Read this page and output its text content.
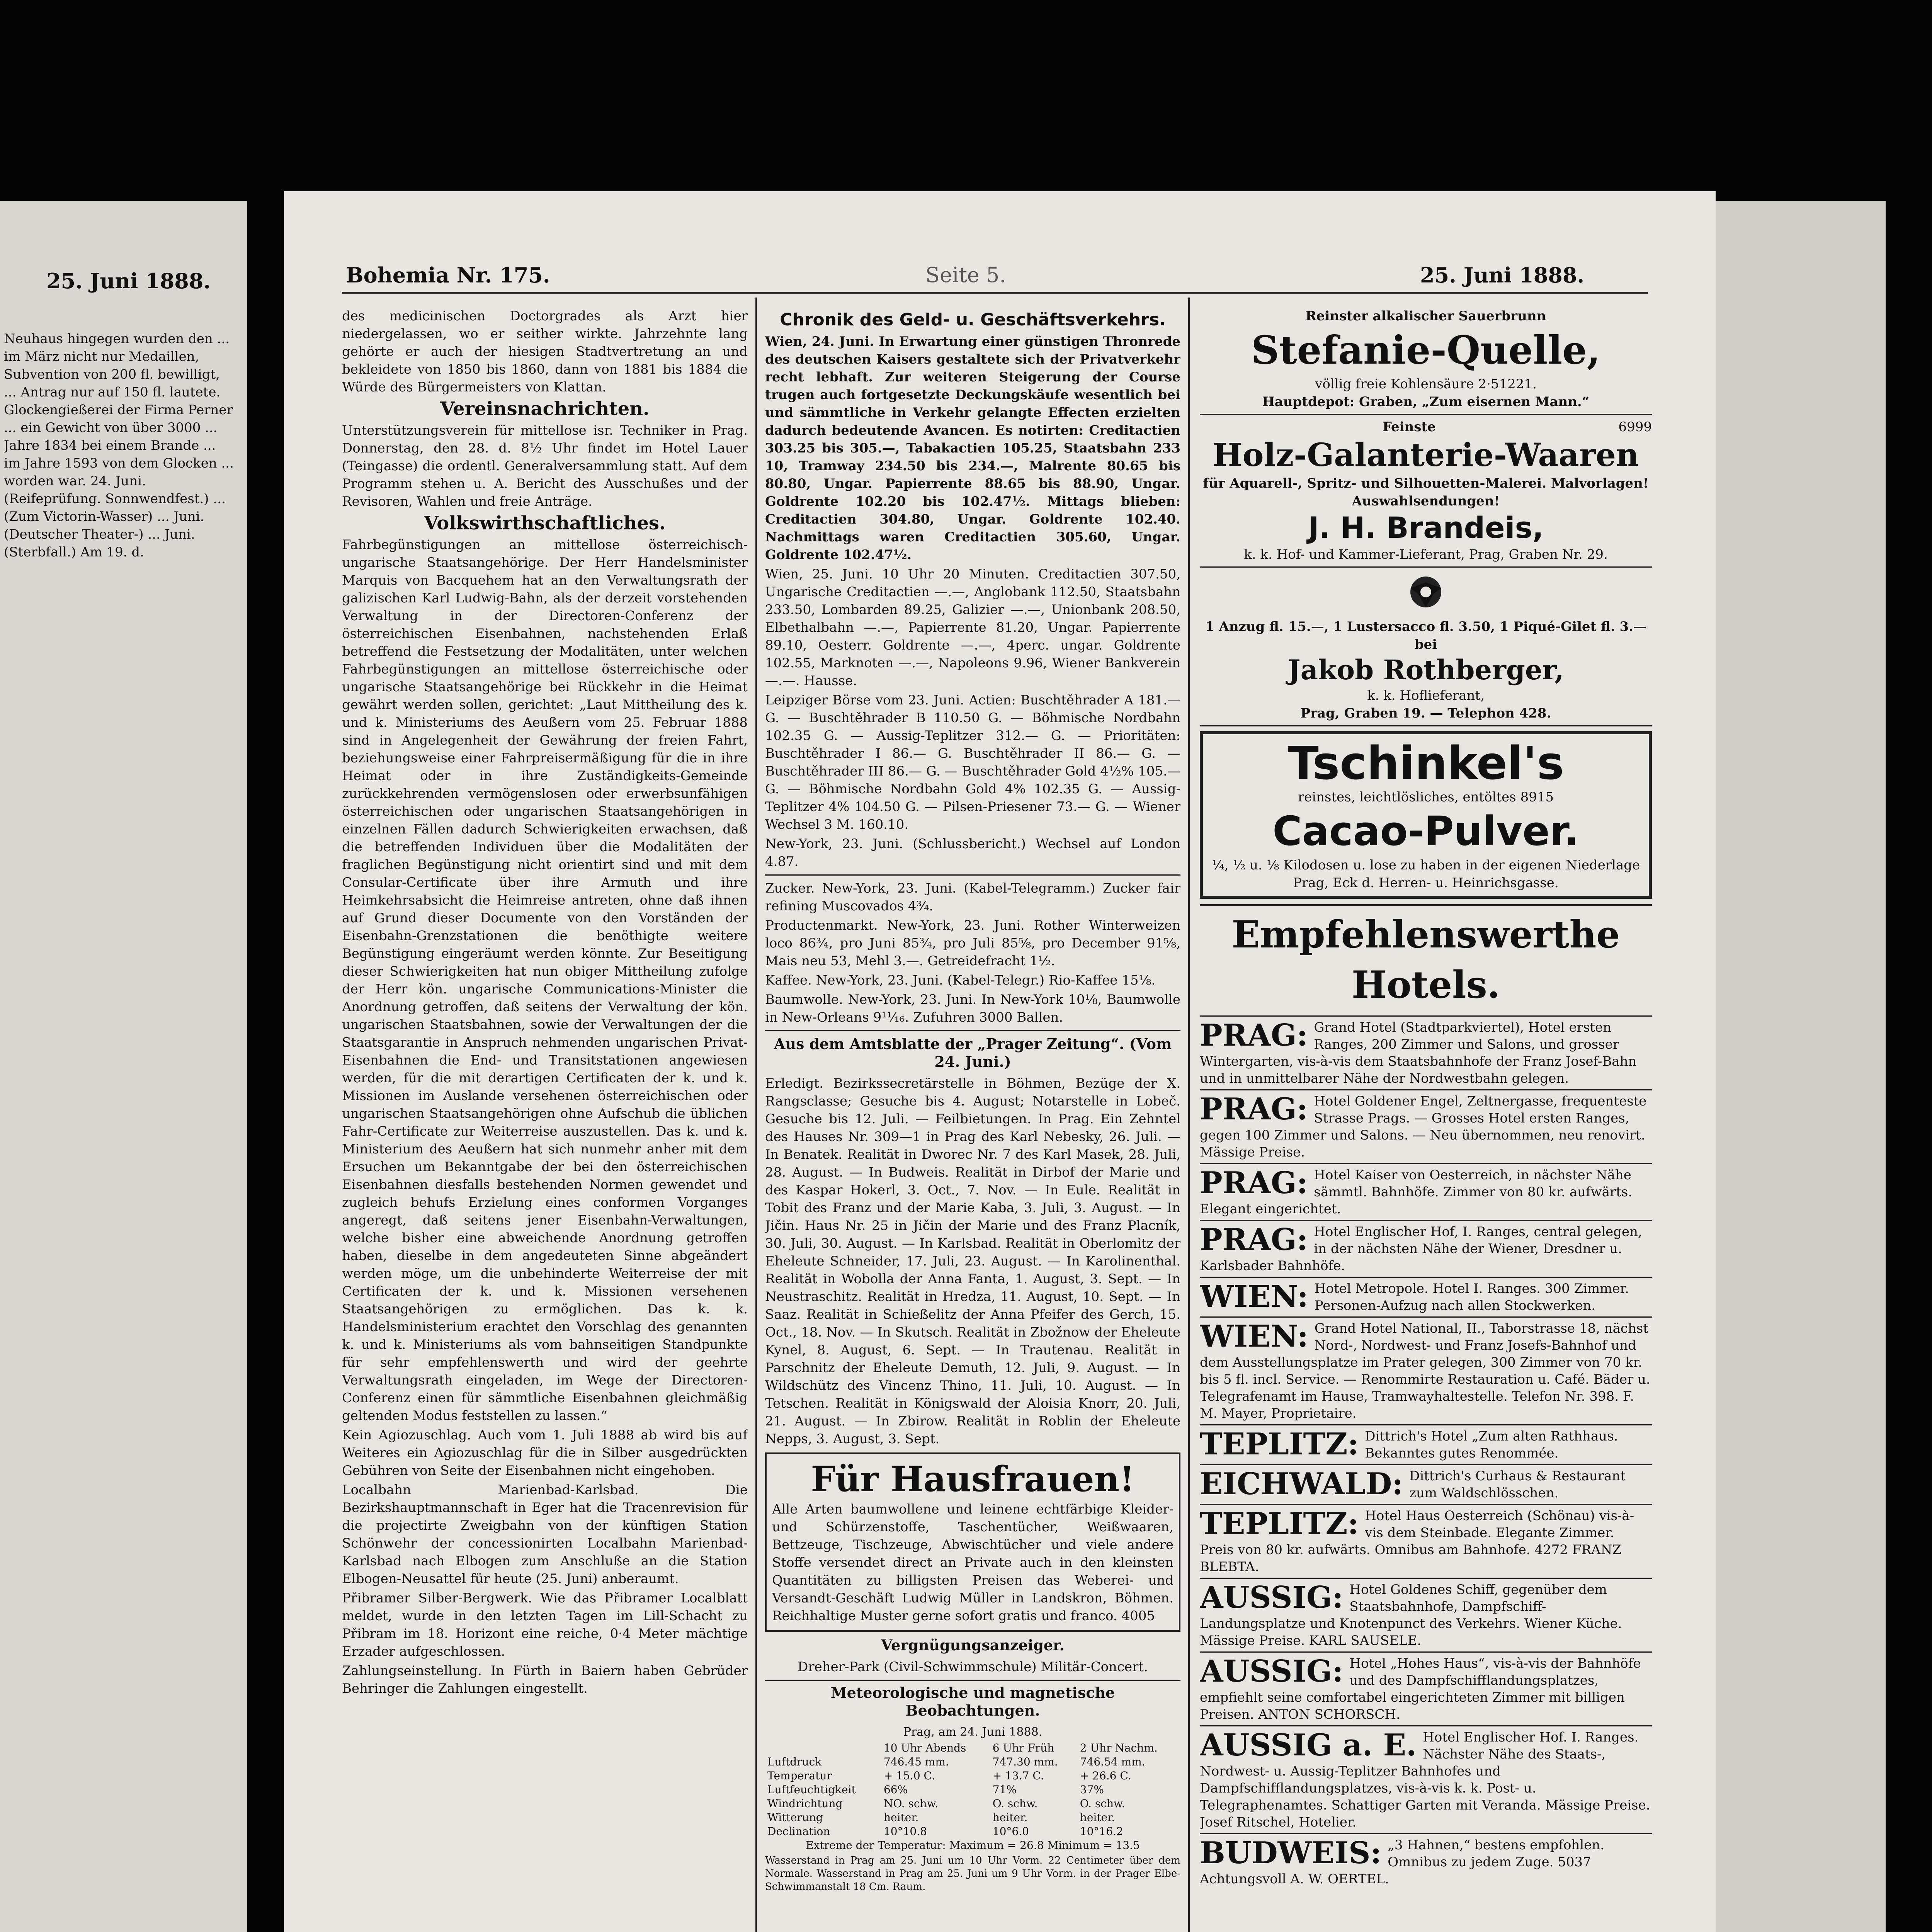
25. Juni 1888.

Neuhaus hingegen wurden den ... im März nicht nur Medaillen, Subvention von 200 fl. bewilligt, ... Antrag nur auf 150 fl. lautete. Glockengießerei der Firma Perner ... ein Gewicht von über 3000 ... Jahre 1834 bei einem Brande ... im Jahre 1593 von dem Glocken ... worden war. 24. Juni. (Reifeprüfung. Sonnwendfest.) ... (Zum Victorin-Wasser) ... Juni. (Deutscher Theater-) ... Juni. (Sterbfall.) Am 19. d.

Bohemia Nr. 175.	Seite 5.	25. Juni 1888.

des medicinischen Doctorgrades als Arzt hier niedergelassen, wo er seither wirkte. Jahrzehnte lang gehörte er auch der hiesigen Stadtvertretung an und bekleidete von 1850 bis 1860, dann von 1881 bis 1884 die Würde des Bürgermeisters von Klattan.

Vereinsnachrichten.

Unterstützungsverein für mittellose isr. Techniker in Prag. Donnerstag, den 28. d. 8½ Uhr findet im Hotel Lauer (Teingasse) die ordentl. Generalversammlung statt. Auf dem Programm stehen u. A. Bericht des Ausschußes und der Revisoren, Wahlen und freie Anträge.

Volkswirthschaftliches.

Fahrbegünstigungen an mittellose österreichisch-ungarische Staatsangehörige. Der Herr Handelsminister Marquis von Bacquehem hat an den Verwaltungsrath der galizischen Karl Ludwig-Bahn, als der derzeit vorstehenden Verwaltung in der Directoren-Conferenz der österreichischen Eisenbahnen, nachstehenden Erlaß betreffend die Festsetzung der Modalitäten, unter welchen Fahrbegünstigungen an mittellose österreichische oder ungarische Staatsangehörige bei Rückkehr in die Heimat gewährt werden sollen, gerichtet: „Laut Mittheilung des k. und k. Ministeriums des Aeußern vom 25. Februar 1888 sind in Angelegenheit der Gewährung der freien Fahrt, beziehungsweise einer Fahrpreisermäßigung für die in ihre Heimat oder in ihre Zuständigkeits-Gemeinde zurückkehrenden vermögenslosen oder erwerbsunfähigen österreichischen oder ungarischen Staatsangehörigen in einzelnen Fällen dadurch Schwierigkeiten erwachsen, daß die betreffenden Individuen über die Modalitäten der fraglichen Begünstigung nicht orientirt sind und mit dem Consular-Certificate über ihre Armuth und ihre Heimkehrsabsicht die Heimreise antreten, ohne daß ihnen auf Grund dieser Documente von den Vorständen der Eisenbahn-Grenzstationen die benöthigte weitere Begünstigung eingeräumt werden könnte. Zur Beseitigung dieser Schwierigkeiten hat nun obiger Mittheilung zufolge der Herr kön. ungarische Communications-Minister die Anordnung getroffen, daß seitens der Verwaltung der kön. ungarischen Staatsbahnen, sowie der Verwaltungen der die Staatsgarantie in Anspruch nehmenden ungarischen Privat-Eisenbahnen die End- und Transitstationen angewiesen werden, für die mit derartigen Certificaten der k. und k. Missionen im Auslande versehenen österreichischen oder ungarischen Staatsangehörigen ohne Aufschub die üblichen Fahr-Certificate zur Weiterreise auszustellen. Das k. und k. Ministerium des Aeußern hat sich nunmehr anher mit dem Ersuchen um Bekanntgabe der bei den österreichischen Eisenbahnen diesfalls bestehenden Normen gewendet und zugleich behufs Erzielung eines conformen Vorganges angeregt, daß seitens jener Eisenbahn-Verwaltungen, welche bisher eine abweichende Anordnung getroffen haben, dieselbe in dem angedeuteten Sinne abgeändert werden möge, um die unbehinderte Weiterreise der mit Certificaten der k. und k. Missionen versehenen Staatsangehörigen zu ermöglichen. Das k. k. Handelsministerium erachtet den Vorschlag des genannten k. und k. Ministeriums als vom bahnseitigen Standpunkte für sehr empfehlenswerth und wird der geehrte Verwaltungsrath eingeladen, im Wege der Directoren-Conferenz einen für sämmtliche Eisenbahnen gleichmäßig geltenden Modus feststellen zu lassen.“

Kein Agiozuschlag. Auch vom 1. Juli 1888 ab wird bis auf Weiteres ein Agiozuschlag für die in Silber ausgedrückten Gebühren von Seite der Eisenbahnen nicht eingehoben.

Localbahn Marienbad-Karlsbad. Die Bezirkshauptmannschaft in Eger hat die Tracenrevision für die projectirte Zweigbahn von der künftigen Station Schönwehr der concessionirten Localbahn Marienbad-Karlsbad nach Elbogen zum Anschluße an die Station Elbogen-Neusattel für heute (25. Juni) anberaumt.

Přibramer Silber-Bergwerk. Wie das Přibramer Localblatt meldet, wurde in den letzten Tagen im Lill-Schacht zu Přibram im 18. Horizont eine reiche, 0·4 Meter mächtige Erzader aufgeschlossen.

Zahlungseinstellung. In Fürth in Baiern haben Gebrüder Behringer die Zahlungen eingestellt.

Chronik des Geld- u. Geschäftsverkehrs.

Wien, 24. Juni. In Erwartung einer günstigen Thronrede des deutschen Kaisers gestaltete sich der Privatverkehr recht lebhaft. Zur weiteren Steigerung der Course trugen auch fortgesetzte Deckungskäufe wesentlich bei und sämmtliche in Verkehr gelangte Effecten erzielten dadurch bedeutende Avancen. Es notirten: Creditactien 303.25 bis 305.—, Tabakactien 105.25, Staatsbahn 233 10, Tramway 234.50 bis 234.—, Malrente 80.65 bis 80.80, Ungar. Papierrente 88.65 bis 88.90, Ungar. Goldrente 102.20 bis 102.47½. Mittags blieben: Creditactien 304.80, Ungar. Goldrente 102.40. Nachmittags waren Creditactien 305.60, Ungar. Goldrente 102.47½.

Wien, 25. Juni. 10 Uhr 20 Minuten. Creditactien 307.50, Ungarische Creditactien —.—, Anglobank 112.50, Staatsbahn 233.50, Lombarden 89.25, Galizier —.—, Unionbank 208.50, Elbethalbahn —.—, Papierrente 81.20, Ungar. Papierrente 89.10, Oesterr. Goldrente —.—, 4perc. ungar. Goldrente 102.55, Marknoten —.—, Napoleons 9.96, Wiener Bankverein —.—. Hausse.

Leipziger Börse vom 23. Juni. Actien: Buschtěhrader A 181.— G. — Buschtěhrader B 110.50 G. — Böhmische Nordbahn 102.35 G. — Aussig-Teplitzer 312.— G. — Prioritäten: Buschtěhrader I 86.— G. Buschtěhrader II 86.— G. — Buschtěhrader III 86.— G. — Buschtěhrader Gold 4½% 105.— G. — Böhmische Nordbahn Gold 4% 102.35 G. — Aussig-Teplitzer 4% 104.50 G. — Pilsen-Priesener 73.— G. — Wiener Wechsel 3 M. 160.10.

New-York, 23. Juni. (Schlussbericht.) Wechsel auf London 4.87.

Zucker. New-York, 23. Juni. (Kabel-Telegramm.) Zucker fair refining Muscovados 4¾.

Productenmarkt. New-York, 23. Juni. Rother Winterweizen loco 86¾, pro Juni 85¾, pro Juli 85⅝, pro December 91⅝, Mais neu 53, Mehl 3.—. Getreidefracht 1½.

Kaffee. New-York, 23. Juni. (Kabel-Telegr.) Rio-Kaffee 15⅛.

Baumwolle. New-York, 23. Juni. In New-York 10⅛, Baumwolle in New-Orleans 9¹¹⁄₁₆. Zufuhren 3000 Ballen.

Aus dem Amtsblatte der „Prager Zeitung“. (Vom 24. Juni.)

Erledigt. Bezirkssecretärstelle in Böhmen, Bezüge der X. Rangsclasse; Gesuche bis 4. August; Notarstelle in Lobeč. Gesuche bis 12. Juli. — Feilbietungen. In Prag. Ein Zehntel des Hauses Nr. 309—1 in Prag des Karl Nebesky, 26. Juli. — In Benatek. Realität in Dworec Nr. 7 des Karl Masek, 28. Juli, 28. August. — In Budweis. Realität in Dirbof der Marie und des Kaspar Hokerl, 3. Oct., 7. Nov. — In Eule. Realität in Tobit des Franz und der Marie Kaba, 3. Juli, 3. August. — In Jičin. Haus Nr. 25 in Jičin der Marie und des Franz Placník, 30. Juli, 30. August. — In Karlsbad. Realität in Oberlomitz der Eheleute Schneider, 17. Juli, 23. August. — In Karolinenthal. Realität in Wobolla der Anna Fanta, 1. August, 3. Sept. — In Neustraschitz. Realität in Hredza, 11. August, 10. Sept. — In Saaz. Realität in Schießelitz der Anna Pfeifer des Gerch, 15. Oct., 18. Nov. — In Skutsch. Realität in Zbožnow der Eheleute Kynel, 8. August, 6. Sept. — In Trautenau. Realität in Parschnitz der Eheleute Demuth, 12. Juli, 9. August. — In Wildschütz des Vincenz Thino, 11. Juli, 10. August. — In Tetschen. Realität in Königswald der Aloisia Knorr, 20. Juli, 21. August. — In Zbirow. Realität in Roblin der Eheleute Nepps, 3. August, 3. Sept.

Für Hausfrauen!

Alle Arten baumwollene und leinene echtfärbige Kleider- und Schürzenstoffe, Taschentücher, Weißwaaren, Bettzeuge, Tischzeuge, Abwischtücher und viele andere Stoffe versendet direct an Private auch in den kleinsten Quantitäten zu billigsten Preisen das Weberei- und Versandt-Geschäft Ludwig Müller in Landskron, Böhmen. Reichhaltige Muster gerne sofort gratis und franco. 4005

Vergnügungsanzeiger.

Dreher-Park (Civil-Schwimmschule) Militär-Concert.

Meteorologische und magnetische Beobachtungen.
Prag, am 24. Juni 1888.
	10 Uhr Abends	6 Uhr Früh	2 Uhr Nachm.
Luftdruck	746.45 mm.	747.30 mm.	746.54 mm.
Temperatur	+ 15.0 C.	+ 13.7 C.	+ 26.6 C.
Luftfeuchtigkeit	66%	71%	37%
Windrichtung	NO. schw.	O. schw.	O. schw.
Witterung	heiter.	heiter.	heiter.
Declination	10°10.8	10°6.0	10°16.2

Extreme der Temperatur: Maximum = 26.8 Minimum = 13.5

Wasserstand in Prag am 25. Juni um 10 Uhr Vorm. 22 Centimeter über dem Normale. Wasserstand in Prag am 25. Juni um 9 Uhr Vorm. in der Prager Elbe-Schwimmanstalt 18 Cm. Raum.

Reinster alkalischer Sauerbrunn
Stefanie-Quelle,
völlig freie Kohlensäure 2·51221.
Hauptdepot: Graben, „Zum eisernen Mann.“
Feinste	6999
Holz-Galanterie-Waaren
für Aquarell-, Spritz- und Silhouetten-Malerei. Malvorlagen! Auswahlsendungen!
J. H. Brandeis,
k. k. Hof- und Kammer-Lieferant, Prag, Graben Nr. 29.
1 Anzug fl. 15.—, 1 Lustersacco fl. 3.50, 1 Piqué-Gilet fl. 3.— bei
Jakob Rothberger,
k. k. Hoflieferant,
Prag, Graben 19. — Telephon 428.
Tschinkel's
reinstes, leichtlösliches, entöltes 8915
Cacao-Pulver.
¼, ½ u. ⅛ Kilodosen u. lose zu haben in der eigenen Niederlage Prag, Eck d. Herren- u. Heinrichsgasse.
Empfehlenswerthe Hotels.
PRAG: Grand Hotel (Stadtparkviertel), Hotel ersten Ranges, 200 Zimmer und Salons, und grosser Wintergarten, vis-à-vis dem Staatsbahnhofe der Franz Josef-Bahn und in unmittelbarer Nähe der Nordwestbahn gelegen.
PRAG: Hotel Goldener Engel, Zeltnergasse, frequenteste Strasse Prags. — Grosses Hotel ersten Ranges, gegen 100 Zimmer und Salons. — Neu übernommen, neu renovirt. Mässige Preise.
PRAG: Hotel Kaiser von Oesterreich, in nächster Nähe sämmtl. Bahnhöfe. Zimmer von 80 kr. aufwärts. Elegant eingerichtet.
PRAG: Hotel Englischer Hof, I. Ranges, central gelegen, in der nächsten Nähe der Wiener, Dresdner u. Karlsbader Bahnhöfe.
WIEN: Hotel Metropole. Hotel I. Ranges. 300 Zimmer. Personen-Aufzug nach allen Stockwerken.
WIEN: Grand Hotel National, II., Taborstrasse 18, nächst Nord-, Nordwest- und Franz Josefs-Bahnhof und dem Ausstellungsplatze im Prater gelegen, 300 Zimmer von 70 kr. bis 5 fl. incl. Service. — Renommirte Restauration u. Café. Bäder u. Telegrafenamt im Hause, Tramwayhaltestelle. Telefon Nr. 398. F. M. Mayer, Proprietaire.
TEPLITZ: Dittrich's Hotel „Zum alten Rathhaus. Bekanntes gutes Renommée.
EICHWALD: Dittrich's Curhaus & Restaurant zum Waldschlösschen.
TEPLITZ: Hotel Haus Oesterreich (Schönau) vis-à-vis dem Steinbade. Elegante Zimmer. Preis von 80 kr. aufwärts. Omnibus am Bahnhofe. 4272 FRANZ BLEBTA.
AUSSIG: Hotel Goldenes Schiff, gegenüber dem Staatsbahnhofe, Dampfschiff-Landungsplatze und Knotenpunct des Verkehrs. Wiener Küche. Mässige Preise. KARL SAUSELE.
AUSSIG: Hotel „Hohes Haus“, vis-à-vis der Bahnhöfe und des Dampfschifflandungsplatzes, empfiehlt seine comfortabel eingerichteten Zimmer mit billigen Preisen. ANTON SCHORSCH.
AUSSIG a. E. Hotel Englischer Hof. I. Ranges. Nächster Nähe des Staats-, Nordwest- u. Aussig-Teplitzer Bahnhofes und Dampfschifflandungsplatzes, vis-à-vis k. k. Post- u. Telegraphenamtes. Schattiger Garten mit Veranda. Mässige Preise. Josef Ritschel, Hotelier.
BUDWEIS: „3 Hahnen,“ bestens empfohlen. Omnibus zu jedem Zuge. 5037 Achtungsvoll A. W. OERTEL.
